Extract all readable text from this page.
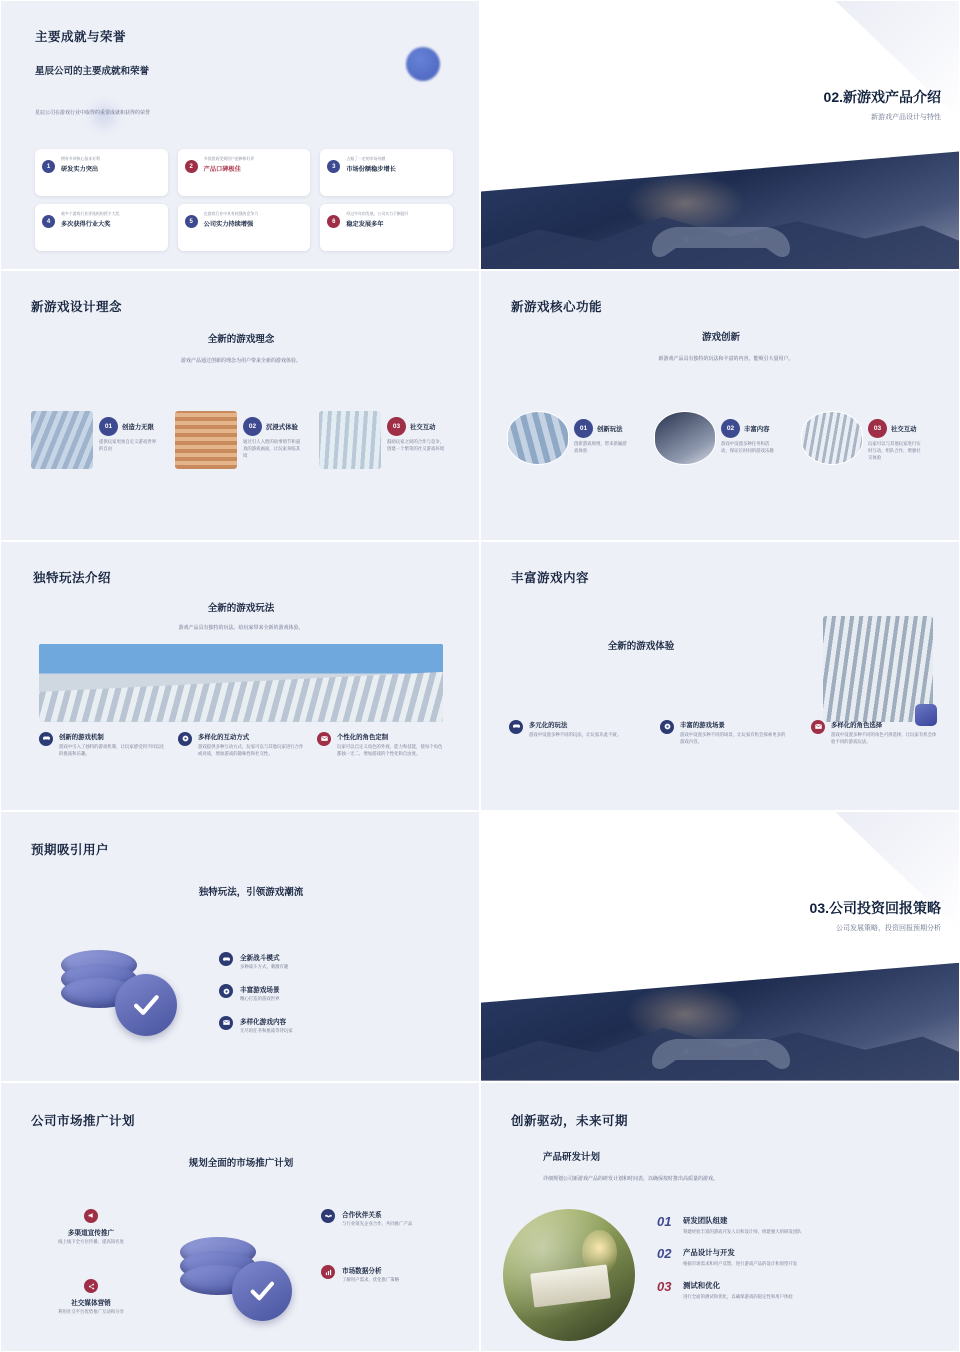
主要成就与荣誉
星辰公司的主要成就和荣誉
星辰公司在游戏行业中取得的重要成就和获得的荣誉
1
拥有多项核心技术专利
研发实力突出	2
多款游戏受到用户追捧和好评
产品口碑极佳	3
占据了一定的市场份额
市场份额稳步增长
4
被多个游戏行业评选机构授予大奖
多次获得行业大奖	5
在游戏行业中具有较强的竞争力
公司实力持续增强	6
经过多年的发展，公司实力不断提升
稳定发展多年
02.新游戏产品介绍
新游戏产品设计与特性
新游戏设计理念
全新的游戏理念
游戏产品通过创新的理念为用户带来全新的游戏体验。
01	创造力无限
提供玩家更加自定义游戏世界的自由
02	沉浸式体验
通过引人入胜的故事情节和逼真的游戏画面，让玩家身临其境
03	社交互动
鼓励玩家之间的合作与竞争，创建一个繁荣的社交游戏环境
新游戏核心功能
游戏创新
新游戏产品具有独特的玩法和丰富的内容，能吸引大量用户。
01	创新玩法
创新游戏规则，带来新颖游戏体验
02	丰富内容
游戏中设置多种任务和活动，保证长时间的游戏乐趣
03	社交互动
玩家可以与其他玩家进行实时互动，组队合作，增强社交体验
独特玩法介绍
全新的游戏玩法
游戏产品具有独特的玩法，给玩家带来全新的游戏体验。
创新的游戏机制
游戏中引入了独特的游戏机制，让玩家感受到不同以往的挑战和乐趣。
多样化的互动方式
游戏提供多种互动方式，玩家可以与其他玩家进行合作或对战，增加游戏的趣味性和社交性。
个性化的角色定制
玩家可以自定义角色的外观、能力和技能，使每个角色都独一无二，增加游戏的个性化和自由度。
丰富游戏内容
全新的游戏体验
多元化的玩法
游戏中设置多种不同的玩法，让玩家乐此不疲。
丰富的游戏场景
游戏中设置多种不同的场景，让玩家有机会探索更多的游戏内容。
多样化的角色选择
游戏中设置多种不同的角色可供选择，让玩家有机会体验不同的游戏玩法。
预期吸引用户
独特玩法，引领游戏潮流
全新战斗模式
多种战斗方式，刺激有趣
丰富游戏场景
精心打造的游戏世界
多样化游戏内容
无尽的任务和挑战等待玩家
03.公司投资回报策略
公司发展策略，投资回报预期分析
公司市场推广计划
规划全面的市场推广计划
多渠道宣传推广
线上线下全方位传播，提高知名度
社交媒体营销
利用社交平台优势推广互动和分享
合作伙伴关系
与行业领先企业合作，共同推广产品
市场数据分析
了解用户需求，优化推广策略
创新驱动，未来可期
产品研发计划
详细规划公司新游戏产品的研发计划和时间表，以确保按时推出高质量的游戏。
01	研发团队组建
筹建经验丰富的游戏开发人员和设计师，组建强大的研发团队
02	产品设计与开发
根据市场需求和用户反馈，进行游戏产品的设计和原型开发
03	测试和优化
进行全面的测试和优化，以确保游戏的稳定性和用户体验
